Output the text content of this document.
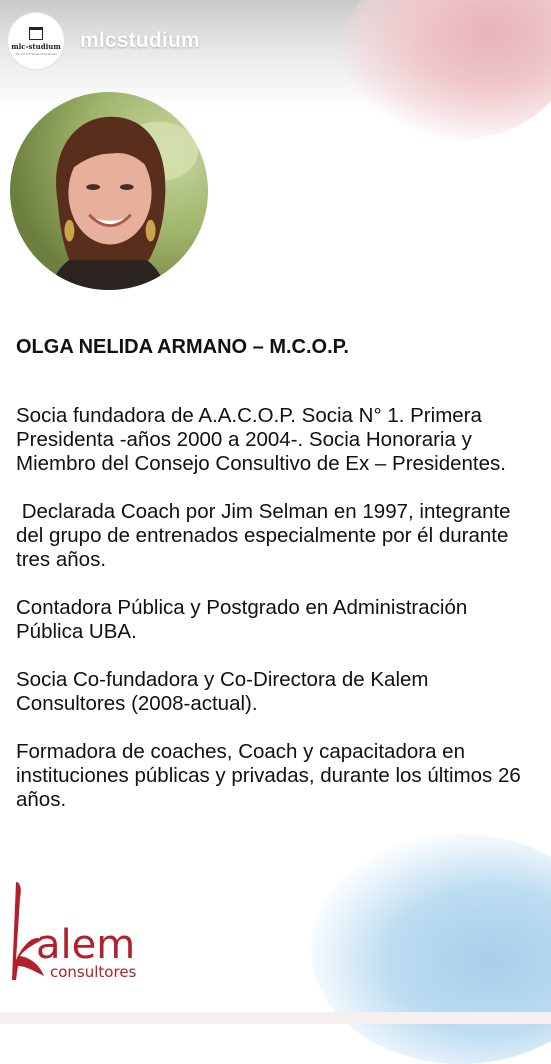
mlc-studium
The Art of Transforming Stories
mlcstudium
OLGA NELIDA ARMANO – M.C.O.P.
Socia fundadora de A.A.C.O.P. Socia N° 1. Primera Presidenta -años 2000 a 2004-. Socia Honoraria y Miembro del Consejo Consultivo de Ex – Presidentes.
Declarada Coach por Jim Selman en 1997, integrante del grupo de entrenados especialmente por él durante tres años.
Contadora Pública y Postgrado en Administración Pública UBA.
Socia Co-fundadora y Co-Directora de Kalem Consultores (2008-actual).
Formadora de coaches, Coach y capacitadora en instituciones públicas y privadas, durante los últimos 26 años.
alem
consultores
